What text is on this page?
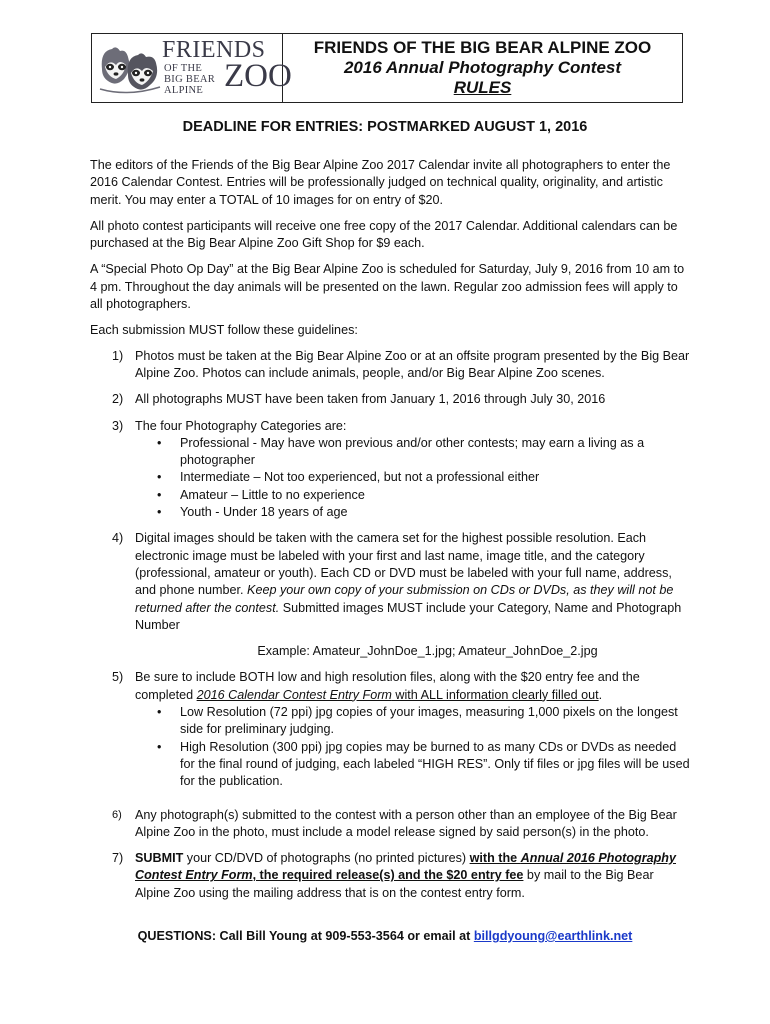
FRIENDS
OF THE
BIG BEAR
ALPINE ZOO
FRIENDS OF THE BIG BEAR ALPINE ZOO
2016 Annual Photography Contest
RULES
DEADLINE FOR ENTRIES: POSTMARKED AUGUST 1, 2016

The editors of the Friends of the Big Bear Alpine Zoo 2017 Calendar invite all photographers to enter the 2016 Calendar Contest. Entries will be professionally judged on technical quality, originality, and artistic merit. You may enter a TOTAL of 10 images for on entry of $20.

All photo contest participants will receive one free copy of the 2017 Calendar. Additional calendars can be purchased at the Big Bear Alpine Zoo Gift Shop for $9 each.

A “Special Photo Op Day” at the Big Bear Alpine Zoo is scheduled for Saturday, July 9, 2016 from 10 am to 4 pm. Throughout the day animals will be presented on the lawn. Regular zoo admission fees will apply to all photographers.

Each submission MUST follow these guidelines:

1) Photos must be taken at the Big Bear Alpine Zoo or at an offsite program presented by the Big Bear Alpine Zoo. Photos can include animals, people, and/or Big Bear Alpine Zoo scenes.
2) All photographs MUST have been taken from January 1, 2016 through July 30, 2016
3) The four Photography Categories are:
• Professional - May have won previous and/or other contests; may earn a living as a photographer
• Intermediate – Not too experienced, but not a professional either
• Amateur – Little to no experience
• Youth - Under 18 years of age
4) Digital images should be taken with the camera set for the highest possible resolution. Each electronic image must be labeled with your first and last name, image title, and the category (professional, amateur or youth). Each CD or DVD must be labeled with your full name, address, and phone number. Keep your own copy of your submission on CDs or DVDs, as they will not be returned after the contest. Submitted images MUST include your Category, Name and Photograph Number
Example: Amateur_JohnDoe_1.jpg; Amateur_JohnDoe_2.jpg
5) Be sure to include BOTH low and high resolution files, along with the $20 entry fee and the completed 2016 Calendar Contest Entry Form with ALL information clearly filled out.
• Low Resolution (72 ppi) jpg copies of your images, measuring 1,000 pixels on the longest side for preliminary judging.
• High Resolution (300 ppi) jpg copies may be burned to as many CDs or DVDs as needed for the final round of judging, each labeled “HIGH RES”. Only tif files or jpg files will be used for the publication.
6) Any photograph(s) submitted to the contest with a person other than an employee of the Big Bear Alpine Zoo in the photo, must include a model release signed by said person(s) in the photo.
7) SUBMIT your CD/DVD of photographs (no printed pictures) with the Annual 2016 Photography Contest Entry Form, the required release(s) and the $20 entry fee by mail to the Big Bear Alpine Zoo using the mailing address that is on the contest entry form.
QUESTIONS: Call Bill Young at 909-553-3564 or email at billgdyoung@earthlink.net
